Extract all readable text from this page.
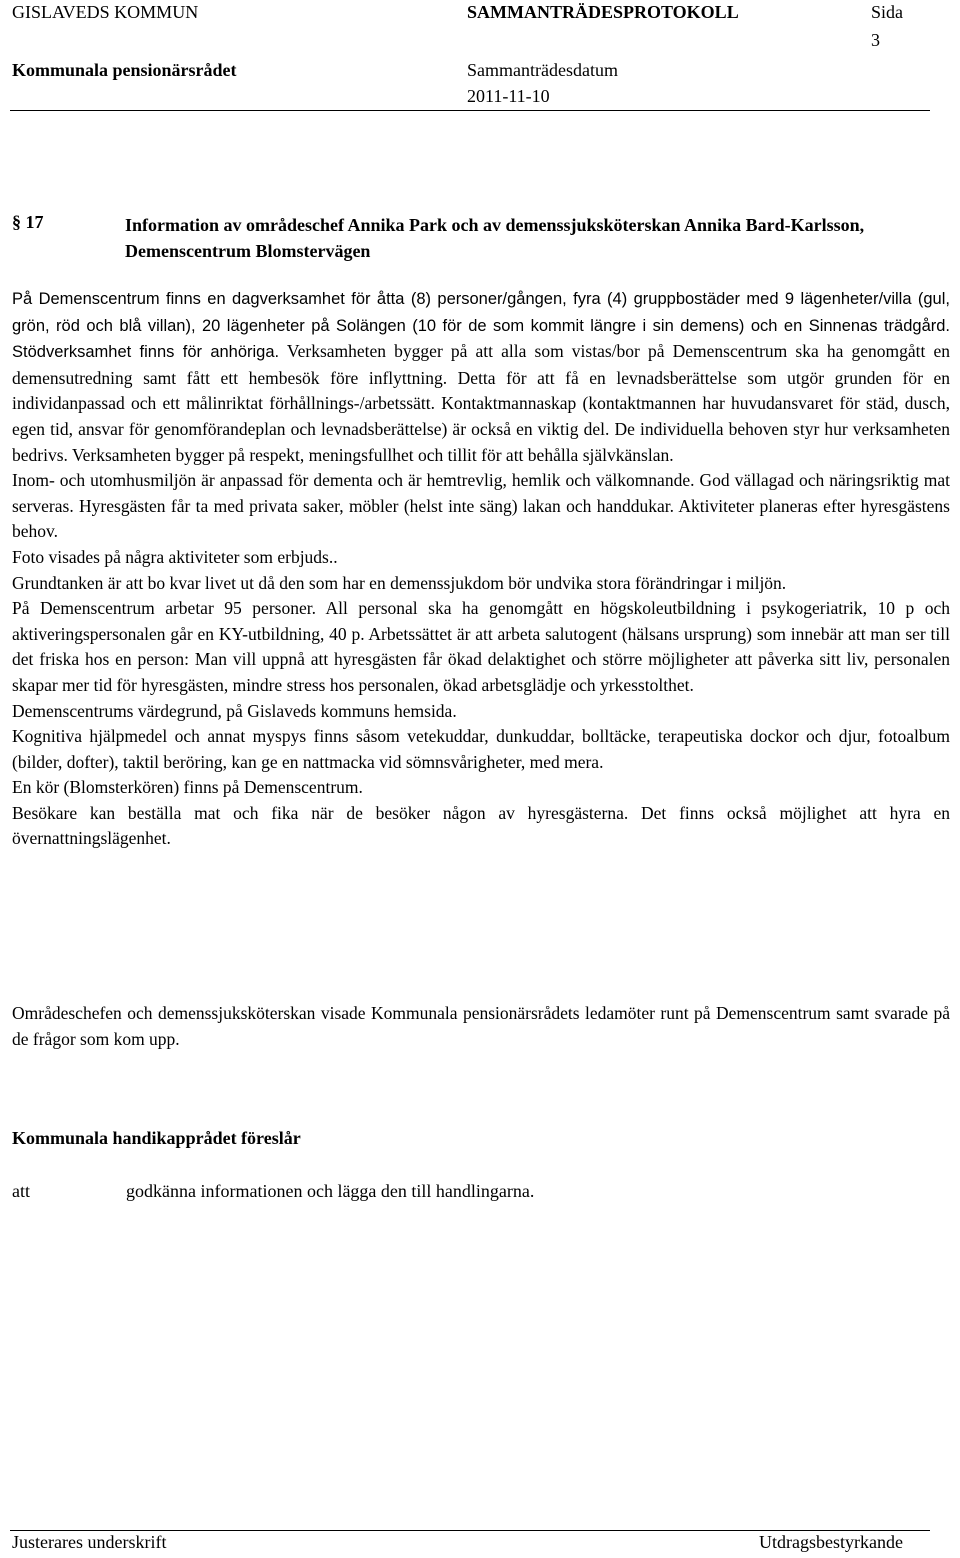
GISLAVEDS KOMMUN	SAMMANTRÄDESPROTOKOLL	Sida
3
Kommunala pensionärsrådet	Sammanträdesdatum
2011-11-10
§ 17	Information av områdeschef Annika Park och av demenssjuksköterskan Annika Bard-Karlsson, Demenscentrum Blomstervägen

På Demenscentrum finns en dagverksamhet för åtta (8) personer/gången, fyra (4) gruppbostäder med 9 lägenheter/villa (gul, grön, röd och blå villan), 20 lägenheter på Solängen (10 för de som kommit längre i sin demens) och en Sinnenas trädgård. Stödverksamhet finns för anhöriga. Verksamheten bygger på att alla som vistas/bor på Demenscentrum ska ha genomgått en demensutredning samt fått ett hembesök före inflyttning. Detta för att få en levnadsberättelse som utgör grunden för en individanpassad och ett målinriktat förhållnings-/arbetssätt. Kontaktmannaskap (kontaktmannen har huvudansvaret för städ, dusch, egen tid, ansvar för genomförandeplan och levnadsberättelse) är också en viktig del. De individuella behoven styr hur verksamheten bedrivs. Verksamheten bygger på respekt, meningsfullhet och tillit för att behålla självkänslan.

Inom- och utomhusmiljön är anpassad för dementa och är hemtrevlig, hemlik och välkomnande. God vällagad och näringsriktig mat serveras. Hyresgästen får ta med privata saker, möbler (helst inte säng) lakan och handdukar. Aktiviteter planeras efter hyresgästens behov.

Foto visades på några aktiviteter som erbjuds..

Grundtanken är att bo kvar livet ut då den som har en demenssjukdom bör undvika stora förändringar i miljön.

På Demenscentrum arbetar 95 personer. All personal ska ha genomgått en högskoleutbildning i psykogeriatrik, 10 p och aktiveringspersonalen går en KY-utbildning, 40 p. Arbetssättet är att arbeta salutogent (hälsans ursprung) som innebär att man ser till det friska hos en person: Man vill uppnå att hyresgästen får ökad delaktighet och större möjligheter att påverka sitt liv, personalen skapar mer tid för hyresgästen, mindre stress hos personalen, ökad arbetsglädje och yrkesstolthet.

Demenscentrums värdegrund, på Gislaveds kommuns hemsida.

Kognitiva hjälpmedel och annat myspys finns såsom vetekuddar, dunkuddar, bolltäcke, terapeutiska dockor och djur, fotoalbum (bilder, dofter), taktil beröring, kan ge en nattmacka vid sömnsvårigheter, med mera.

En kör (Blomsterkören) finns på Demenscentrum.

Besökare kan beställa mat och fika när de besöker någon av hyresgästerna. Det finns också möjlighet att hyra en övernattningslägenhet.

Områdeschefen och demenssjuksköterskan visade Kommunala pensionärsrådets ledamöter runt på Demenscentrum samt svarade på de frågor som kom upp.
Kommunala handikapprådet föreslår
att	godkänna informationen och lägga den till handlingarna.
Justerares underskrift	Utdragsbestyrkande
